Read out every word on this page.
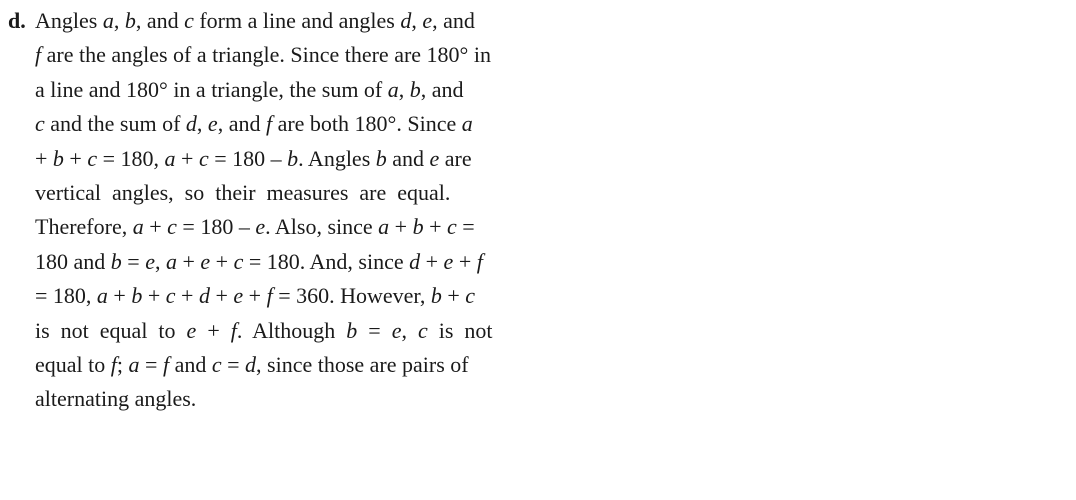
d. Angles a, b, and c form a line and angles d, e, and
f are the angles of a triangle. Since there are 180° in
a line and 180° in a triangle, the sum of a, b, and
c and the sum of d, e, and f are both 180°. Since a
+ b + c = 180, a + c = 180 – b. Angles b and e are
vertical  angles,  so  their  measures  are  equal.
Therefore, a + c = 180 – e. Also, since a + b + c =
180 and b = e, a + e + c = 180. And, since d + e + f
= 180, a + b + c + d + e + f = 360. However, b + c
is  not  equal  to  e  +  f.  Although  b  =  e,  c  is  not
equal to f; a = f and c = d, since those are pairs of
alternating angles.
